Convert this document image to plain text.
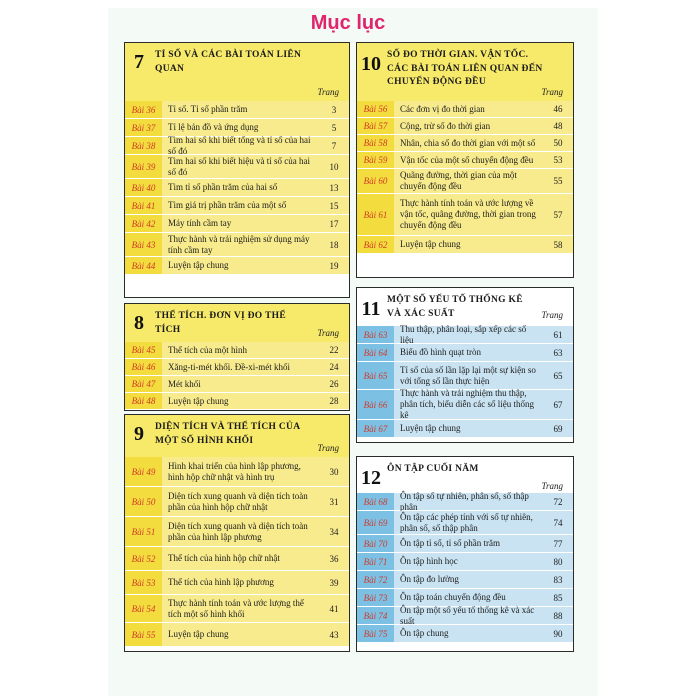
Mục lục
7	TỈ SỐ VÀ CÁC BÀI TOÁN LIÊN QUAN
Trang
Bài 36	Tỉ số. Tỉ số phần trăm	3
Bài 37	Tỉ lệ bản đồ và ứng dụng	5
Bài 38
Tìm hai số khi biết tổng và tỉ số của hai số đó	7
Bài 39
Tìm hai số khi biết hiệu và tỉ số của hai số đó	10
Bài 40	Tìm tỉ số phần trăm của hai số	13
Bài 41	Tìm giá trị phần trăm của một số	15
Bài 42	Máy tính cầm tay	17
Bài 43
Thực hành và trải nghiệm sử dụng máy tính cầm tay	18
Bài 44	Luyện tập chung	19
8	THỂ TÍCH. ĐƠN VỊ ĐO THỂ TÍCH	Trang
Bài 45	Thể tích của một hình	22
Bài 46	Xăng-ti-mét khối. Đề-xi-mét khối	24
Bài 47	Mét khối	26
Bài 48	Luyện tập chung	28
9	DIỆN TÍCH VÀ THỂ TÍCH CỦA MỘT SỐ HÌNH KHỐI
Trang
Bài 49
Hình khai triển của hình lập phương, hình hộp chữ nhật và hình trụ	30
Bài 50
Diện tích xung quanh và diện tích toàn phần của hình hộp chữ nhật	31
Bài 51
Diện tích xung quanh và diện tích toàn phần của hình lập phương	34
Bài 52	Thể tích của hình hộp chữ nhật	36
Bài 53	Thể tích của hình lập phương	39
Bài 54
Thực hành tính toán và ước lượng thể tích một số hình khối	41
Bài 55	Luyện tập chung	43
10 SỐ ĐO THỜI GIAN. VẬN TỐC. CÁC BÀI TOÁN LIÊN QUAN ĐẾN CHUYỂN ĐỘNG ĐỀU
Trang
Bài 56	Các đơn vị đo thời gian	46
Bài 57	Cộng, trừ số đo thời gian	48
Bài 58	Nhân, chia số đo thời gian với một số	50
Bài 59	Vận tốc của một số chuyển động đều	53
Bài 60
Quãng đường, thời gian của một chuyển động đều	55
Bài 61
Thực hành tính toán và ước lượng về vận tốc, quãng đường, thời gian trong chuyển động đều
57
Bài 62	Luyện tập chung	58
11 MỘT SỐ YẾU TỐ THỐNG KÊ VÀ XÁC SUẤT	Trang
Bài 63
Thu thập, phân loại, sắp xếp các số liệu	61
Bài 64	Biểu đồ hình quạt tròn	63
Bài 65
Tỉ số của số lần lặp lại một sự kiện so với tổng số lần thực hiện	65
Bài 66
Thực hành và trải nghiệm thu thập, phân tích, biểu diễn các số liệu thống kê
67
Bài 67	Luyện tập chung	69
12 ÔN TẬP CUỐI NĂM
Trang
Bài 68
Ôn tập số tự nhiên, phân số, số thập phân	72
Bài 69
Ôn tập các phép tính với số tự nhiên, phân số, số thập phân	74
Bài 70	Ôn tập tỉ số, tỉ số phần trăm	77
Bài 71	Ôn tập hình học	80
Bài 72	Ôn tập đo lường	83
Bài 73	Ôn tập toán chuyển động đều	85
Bài 74
Ôn tập một số yếu tố thống kê và xác suất	88
Bài 75	Ôn tập chung	90
